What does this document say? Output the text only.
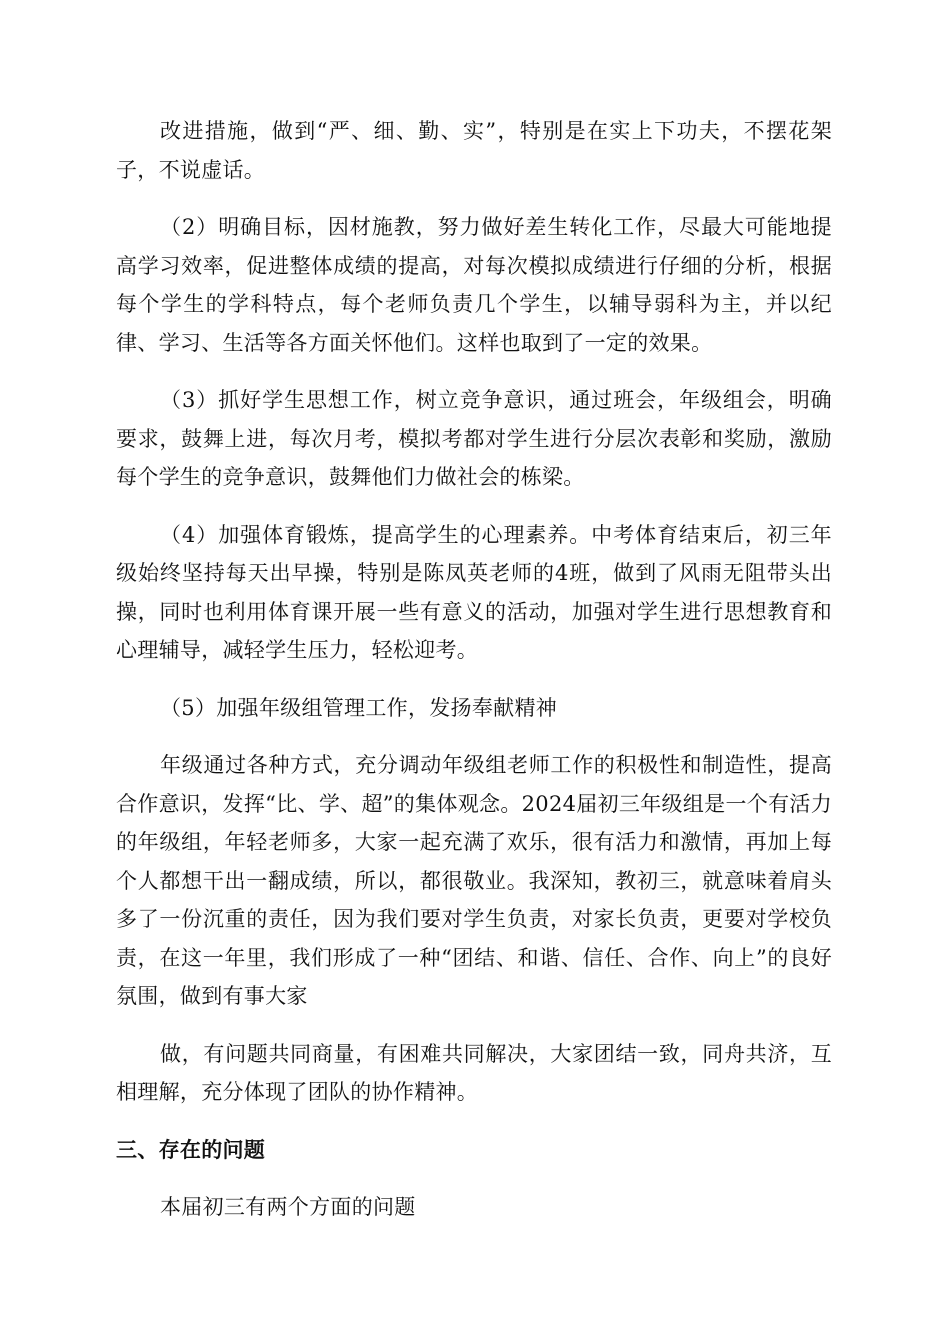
改进措施，做到“严、细、勤、实”，特别是在实上下功夫，不摆花架子，不说虚话。

（2）明确目标，因材施教，努力做好差生转化工作，尽最大可能地提高学习效率，促进整体成绩的提高，对每次模拟成绩进行仔细的分析，根据每个学生的学科特点，每个老师负责几个学生，以辅导弱科为主，并以纪律、学习、生活等各方面关怀他们。这样也取到了一定的效果。

（3）抓好学生思想工作，树立竞争意识，通过班会，年级组会，明确要求，鼓舞上进，每次月考，模拟考都对学生进行分层次表彰和奖励，激励每个学生的竞争意识，鼓舞他们力做社会的栋梁。

（4）加强体育锻炼，提高学生的心理素养。中考体育结束后，初三年级始终坚持每天出早操，特别是陈凤英老师的4班，做到了风雨无阻带头出操，同时也利用体育课开展一些有意义的活动，加强对学生进行思想教育和心理辅导，减轻学生压力，轻松迎考。

（5）加强年级组管理工作，发扬奉献精神

年级通过各种方式，充分调动年级组老师工作的积极性和制造性，提高合作意识，发挥“比、学、超”的集体观念。2024届初三年级组是一个有活力的年级组，年轻老师多，大家一起充满了欢乐，很有活力和激情，再加上每个人都想干出一翻成绩，所以，都很敬业。我深知，教初三，就意味着肩头多了一份沉重的责任，因为我们要对学生负责，对家长负责，更要对学校负责，在这一年里，我们形成了一种“团结、和谐、信任、合作、向上”的良好氛围，做到有事大家

做，有问题共同商量，有困难共同解决，大家团结一致，同舟共济，互相理解，充分体现了团队的协作精神。

三、存在的问题

本届初三有两个方面的问题
